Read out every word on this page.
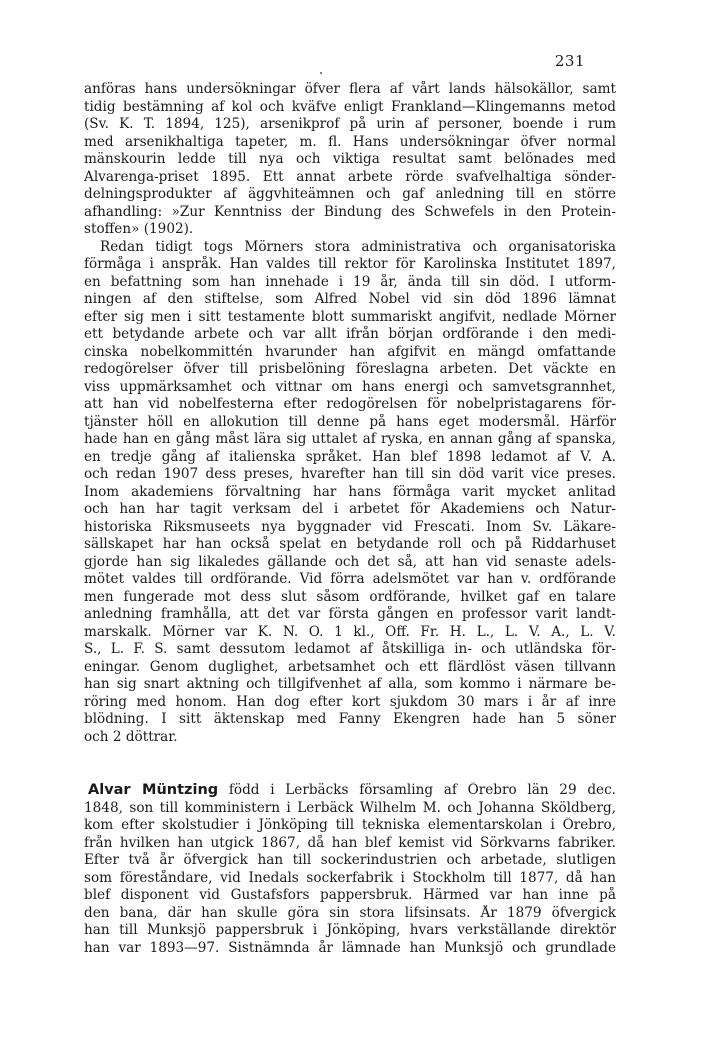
231
anföras hans undersökningar öfver flera af vårt lands hälsokällor, samt
tidig bestämning af kol och kväfve enligt Frankland—Klingemanns metod
(Sv. K. T. 1894, 125), arsenikprof på urin af personer, boende i rum
med arsenikhaltiga tapeter, m. fl. Hans undersökningar öfver normal
mänskourin ledde till nya och viktiga resultat samt belönades med
Alvarenga-priset 1895. Ett annat arbete rörde svafvelhaltiga sönder-
delningsprodukter af äggvhiteämnen och gaf anledning till en större
afhandling: »Zur Kenntniss der Bindung des Schwefels in den Protein-
stoffen» (1902).
Redan tidigt togs Mörners stora administrativa och organisatoriska
förmåga i anspråk. Han valdes till rektor för Karolinska Institutet 1897,
en befattning som han innehade i 19 år, ända till sin död. I utform-
ningen af den stiftelse, som Alfred Nobel vid sin död 1896 lämnat
efter sig men i sitt testamente blott summariskt angifvit, nedlade Mörner
ett betydande arbete och var allt ifrån början ordförande i den medi-
cinska nobelkommittén hvarunder han afgifvit en mängd omfattande
redogörelser öfver till prisbelöning föreslagna arbeten. Det väckte en
viss uppmärksamhet och vittnar om hans energi och samvetsgrannhet,
att han vid nobelfesterna efter redogörelsen för nobelpristagarens för-
tjänster höll en allokution till denne på hans eget modersmål. Härför
hade han en gång måst lära sig uttalet af ryska, en annan gång af spanska,
en tredje gång af italienska språket. Han blef 1898 ledamot af V. A.
och redan 1907 dess preses, hvarefter han till sin död varit vice preses.
Inom akademiens förvaltning har hans förmåga varit mycket anlitad
och han har tagit verksam del i arbetet för Akademiens och Natur-
historiska Riksmuseets nya byggnader vid Frescati. Inom Sv. Läkare-
sällskapet har han också spelat en betydande roll och på Riddarhuset
gjorde han sig likaledes gällande och det så, att han vid senaste adels-
mötet valdes till ordförande. Vid förra adelsmötet var han v. ordförande
men fungerade mot dess slut såsom ordförande, hvilket gaf en talare
anledning framhålla, att det var första gången en professor varit landt-
marskalk. Mörner var K. N. O. 1 kl., Off. Fr. H. L., L. V. A., L. V.
S., L. F. S. samt dessutom ledamot af åtskilliga in- och utländska för-
eningar. Genom duglighet, arbetsamhet och ett flärdlöst väsen tillvann
han sig snart aktning och tillgifvenhet af alla, som kommo i närmare be-
röring med honom. Han dog efter kort sjukdom 30 mars i år af inre
blödning. I sitt äktenskap med Fanny Ekengren hade han 5 söner
och 2 döttrar.
Alvar Müntzing född i Lerbäcks församling af Örebro län 29 dec.
1848, son till komministern i Lerbäck Wilhelm M. och Johanna Sköldberg,
kom efter skolstudier i Jönköping till tekniska elementarskolan i Örebro,
från hvilken han utgick 1867, då han blef kemist vid Sörkvarns fabriker.
Efter två år öfvergick han till sockerindustrien och arbetade, slutligen
som föreståndare, vid Inedals sockerfabrik i Stockholm till 1877, då han
blef disponent vid Gustafsfors pappersbruk. Härmed var han inne på
den bana, där han skulle göra sin stora lifsinsats. År 1879 öfvergick
han till Munksjö pappersbruk i Jönköping, hvars verkställande direktör
han var 1893—97. Sistnämnda år lämnade han Munksjö och grundlade
